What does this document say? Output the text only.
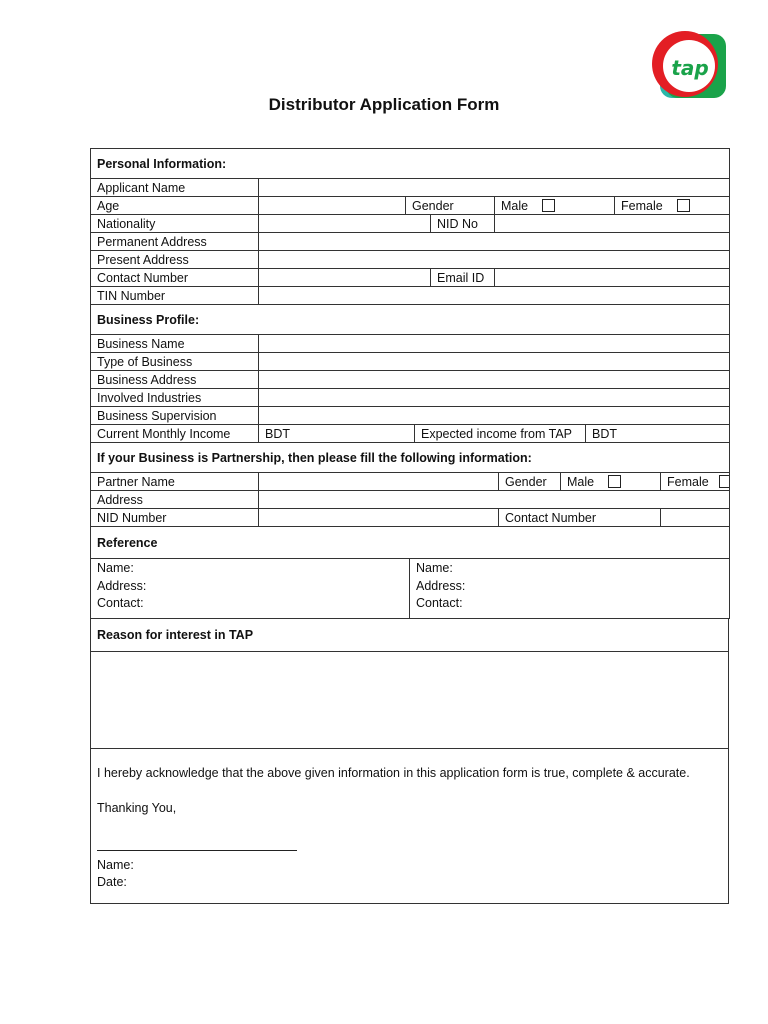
tap
Distributor Application Form
Personal Information:					
Applicant Name					
Age		Gender		Male	Female
Nationality			NID No		
Permanent Address					
Present Address					
Contact Number			Email ID		
TIN Number					
Business Profile:			
Business Name			
Type of Business			
Business Address			
Involved Industries			
Business Supervision			
Current Monthly Income	BDT	Expected income from TAP	BDT
If your Business is Partnership, then please fill the following information:				
Partner Name		Gender	Male	Female
Address				
NID Number		Contact Number		
Reference

Name:
Address:
Contact:

Name:
Address:
Contact:
Reason for interest in TAP

I hereby acknowledge that the above given information in this application form is true, complete & accurate.
Thanking You,
Name:
Date:
